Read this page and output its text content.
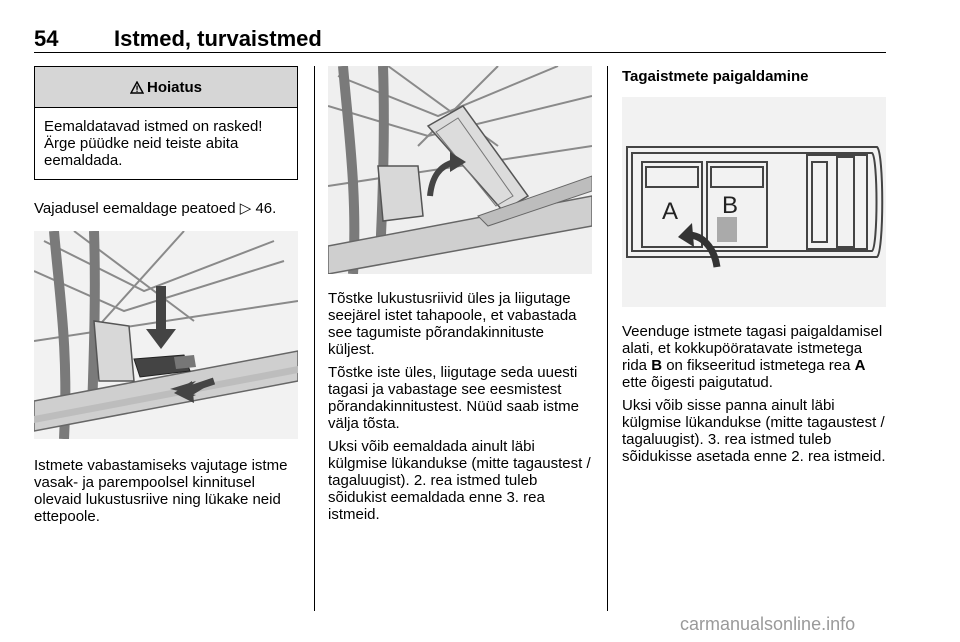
54	Istmed, turvaistmed
Hoiatus
Eemaldatavad istmed on rasked! Ärge püüdke neid teiste abita eemaldada.

Vajadusel eemaldage peatoed ▷ 46.

Istmete vabastamiseks vajutage istme vasak- ja parempoolsel kinnitusel olevaid lukustusriive ning lükake neid ettepoole.

Tõstke lukustusriivid üles ja liigutage seejärel istet tahapoole, et vabastada see tagumiste põrandakinnituste küljest.

Tõstke iste üles, liigutage seda uuesti tagasi ja vabastage see eesmistest põrandakinnitustest. Nüüd saab istme välja tõsta.

Uksi võib eemaldada ainult läbi külgmise lükandukse (mitte tagaustest / tagaluugist). 2. rea istmed tuleb sõidukist eemaldada enne 3. rea istmeid.

Tagaistmete paigaldamine

A B

Veenduge istmete tagasi paigaldamisel alati, et kokkupööratavate istmetega rida B on fikseeritud istmetega rea A ette õigesti paigutatud.

Uksi võib sisse panna ainult läbi külgmise lükandukse (mitte tagaustest / tagaluugist). 3. rea istmed tuleb sõidukisse asetada enne 2. rea istmeid.

carmanualsonline.info
